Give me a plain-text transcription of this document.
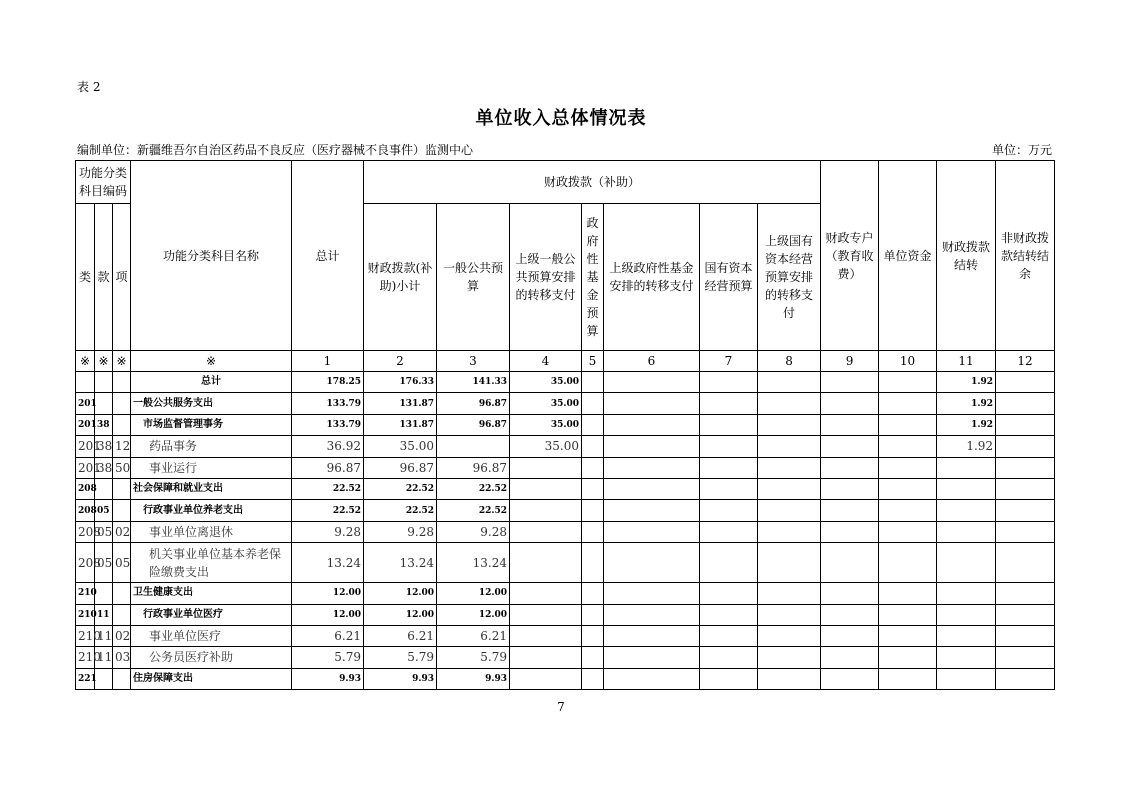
表 2
单位收入总体情况表
编制单位：新疆维吾尔自治区药品不良反应（医疗器械不良事件）监测中心	单位：万元
功能分类科目编码			功能分类科目名称	总计	财政拨款（补助）							财政专户（教育收费）	单位资金	财政拨款结转	非财政拨款结转结余
类	款	项			财政拨款(补助)小计	一般公共预算	上级一般公共预算安排的转移支付	政府性基金预算	上级政府性基金安排的转移支付	国有资本经营预算	上级国有资本经营预算安排的转移支付				
※	※	※	※	1	2	3	4	5	6	7	8	9	10	11	12
			总计	178.25	176.33	141.33	35.00							1.92	
201			一般公共服务支出	133.79	131.87	96.87	35.00							1.92	
201	38		市场监督管理事务	133.79	131.87	96.87	35.00							1.92	
201	38	12	药品事务	36.92	35.00		35.00							1.92	
201	38	50	事业运行	96.87	96.87	96.87									
208			社会保障和就业支出	22.52	22.52	22.52									
208	05		行政事业单位养老支出	22.52	22.52	22.52									
208	05	02	事业单位离退休	9.28	9.28	9.28									
208	05	05	机关事业单位基本养老保险缴费支出	13.24	13.24	13.24									
210			卫生健康支出	12.00	12.00	12.00									
210	11		行政事业单位医疗	12.00	12.00	12.00									
210	11	02	事业单位医疗	6.21	6.21	6.21									
210	11	03	公务员医疗补助	5.79	5.79	5.79									
221			住房保障支出	9.93	9.93	9.93									
7
